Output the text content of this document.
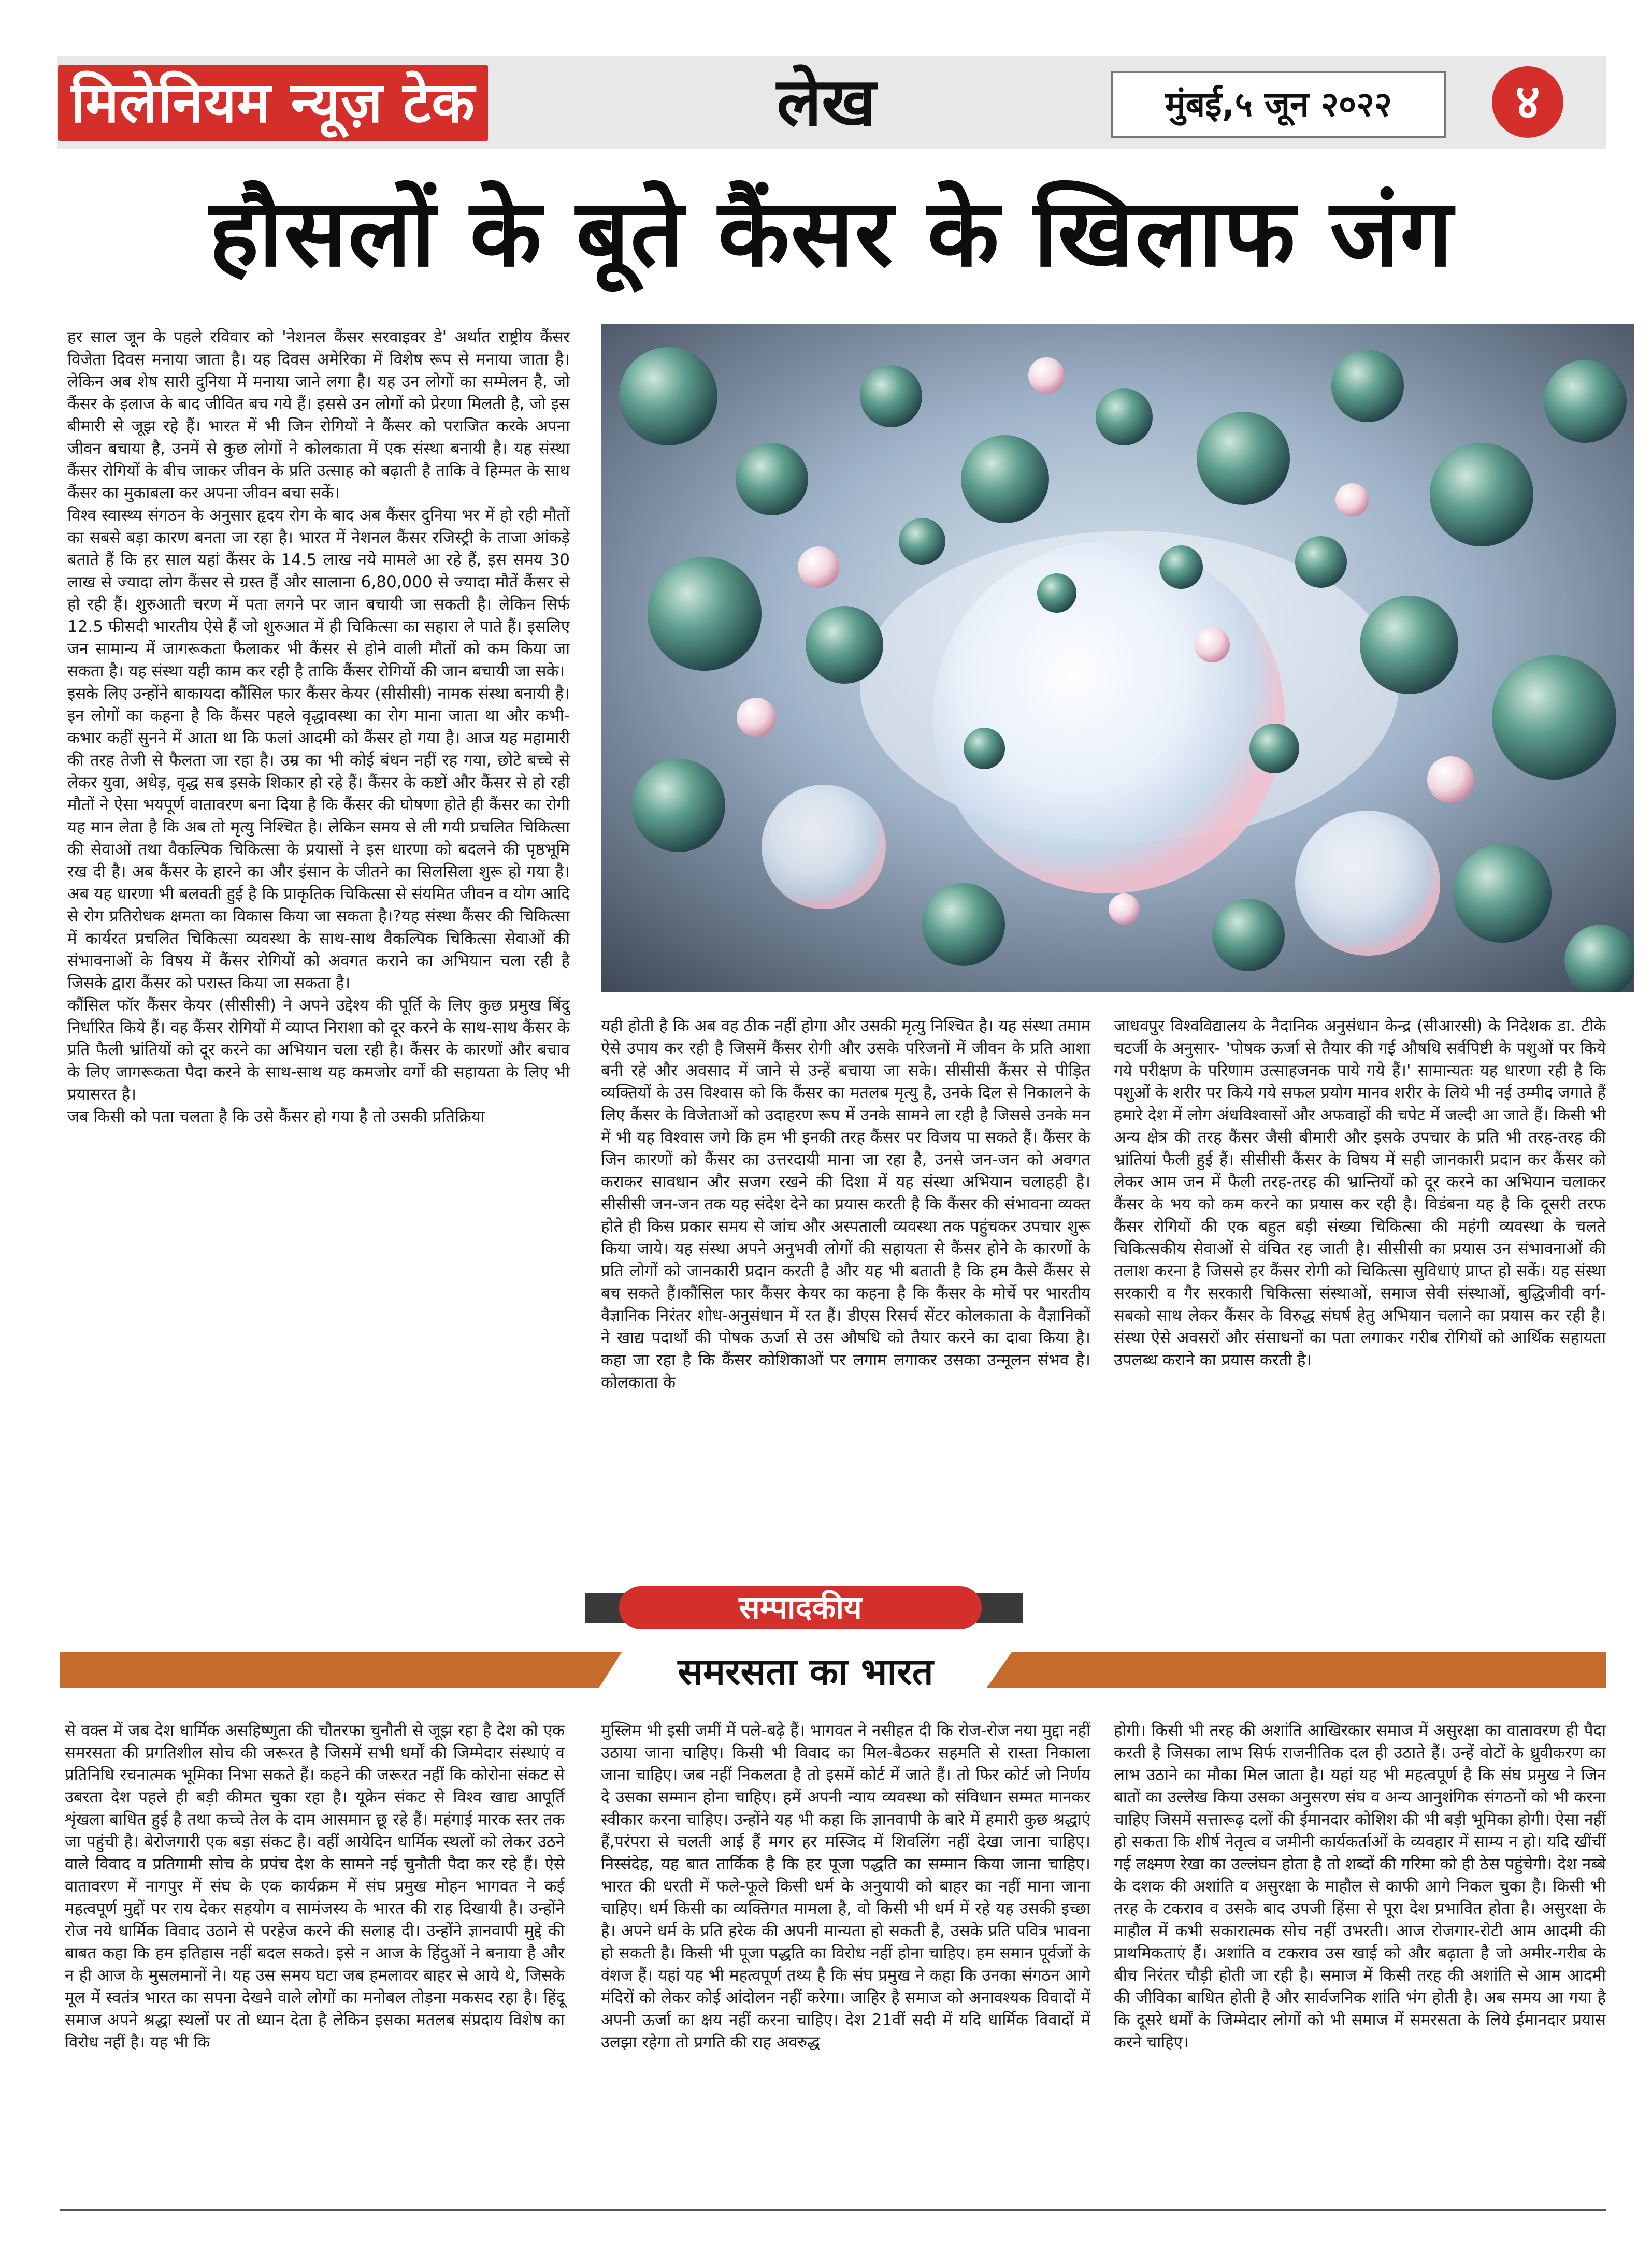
मिलेनियम न्यूज़ टेक	लेख	मुंबई,५ जून २०२२	४
हौसलों के बूते कैंसर के खिलाफ जंग

हर साल जून के पहले रविवार को 'नेशनल कैंसर सरवाइवर डे' अर्थात राष्ट्रीय कैंसर विजेता दिवस मनाया जाता है। यह दिवस अमेरिका में विशेष रूप से मनाया जाता है। लेकिन अब शेष सारी दुनिया में मनाया जाने लगा है। यह उन लोगों का सम्मेलन है, जो कैंसर के इलाज के बाद जीवित बच गये हैं। इससे उन लोगों को प्रेरणा मिलती है, जो इस बीमारी से जूझ रहे हैं। भारत में भी जिन रोगियों ने कैंसर को पराजित करके अपना जीवन बचाया है, उनमें से कुछ लोगों ने कोलकाता में एक संस्था बनायी है। यह संस्था कैंसर रोगियों के बीच जाकर जीवन के प्रति उत्साह को बढ़ाती है ताकि वे हिम्मत के साथ कैंसर का मुकाबला कर अपना जीवन बचा सकें।

विश्व स्वास्थ्य संगठन के अनुसार हृदय रोग के बाद अब कैंसर दुनिया भर में हो रही मौतों का सबसे बड़ा कारण बनता जा रहा है। भारत में नेशनल कैंसर रजिस्ट्री के ताजा आंकड़े बताते हैं कि हर साल यहां कैंसर के 14.5 लाख नये मामले आ रहे हैं, इस समय 30 लाख से ज्यादा लोग कैंसर से ग्रस्त हैं और सालाना 6,80,000 से ज्यादा मौतें कैंसर से हो रही हैं। शुरुआती चरण में पता लगने पर जान बचायी जा सकती है। लेकिन सिर्फ 12.5 फीसदी भारतीय ऐसे हैं जो शुरुआत में ही चिकित्सा का सहारा ले पाते हैं। इसलिए जन सामान्य में जागरूकता फैलाकर भी कैंसर से होने वाली मौतों को कम किया जा सकता है। यह संस्था यही काम कर रही है ताकि कैंसर रोगियों की जान बचायी जा सके।

इसके लिए उन्होंने बाकायदा कौंसिल फार कैंसर केयर (सीसीसी) नामक संस्था बनायी है। इन लोगों का कहना है कि कैंसर पहले वृद्धावस्था का रोग माना जाता था और कभी-कभार कहीं सुनने में आता था कि फलां आदमी को कैंसर हो गया है। आज यह महामारी की तरह तेजी से फैलता जा रहा है। उम्र का भी कोई बंधन नहीं रह गया, छोटे बच्चे से लेकर युवा, अधेड़, वृद्ध सब इसके शिकार हो रहे हैं। कैंसर के कष्टों और कैंसर से हो रही मौतों ने ऐसा भयपूर्ण वातावरण बना दिया है कि कैंसर की घोषणा होते ही कैंसर का रोगी यह मान लेता है कि अब तो मृत्यु निश्चित है। लेकिन समय से ली गयी प्रचलित चिकित्सा की सेवाओं तथा वैकल्पिक चिकित्सा के प्रयासों ने इस धारणा को बदलने की पृष्ठभूमि रख दी है। अब कैंसर के हारने का और इंसान के जीतने का सिलसिला शुरू हो गया है। अब यह धारणा भी बलवती हुई है कि प्राकृतिक चिकित्सा से संयमित जीवन व योग आदि से रोग प्रतिरोधक क्षमता का विकास किया जा सकता है।?यह संस्था कैंसर की चिकित्सा में कार्यरत प्रचलित चिकित्सा व्यवस्था के साथ-साथ वैकल्पिक चिकित्सा सेवाओं की संभावनाओं के विषय में कैंसर रोगियों को अवगत कराने का अभियान चला रही है जिसके द्वारा कैंसर को परास्त किया जा सकता है।

कौंसिल फॉर कैंसर केयर (सीसीसी) ने अपने उद्देश्य की पूर्ति के लिए कुछ प्रमुख बिंदु निर्धारित किये हैं। वह कैंसर रोगियों में व्याप्त निराशा को दूर करने के साथ-साथ कैंसर के प्रति फैली भ्रांतियों को दूर करने का अभियान चला रही है। कैंसर के कारणों और बचाव के लिए जागरूकता पैदा करने के साथ-साथ यह कमजोर वर्गों की सहायता के लिए भी प्रयासरत है।

जब किसी को पता चलता है कि उसे कैंसर हो गया है तो उसकी प्रतिक्रिया

यही होती है कि अब वह ठीक नहीं होगा और उसकी मृत्यु निश्चित है। यह संस्था तमाम ऐसे उपाय कर रही है जिसमें कैंसर रोगी और उसके परिजनों में जीवन के प्रति आशा बनी रहे और अवसाद में जाने से उन्हें बचाया जा सके। सीसीसी कैंसर से पीड़ित व्यक्तियों के उस विश्वास को कि कैंसर का मतलब मृत्यु है, उनके दिल से निकालने के लिए कैंसर के विजेताओं को उदाहरण रूप में उनके सामने ला रही है जिससे उनके मन में भी यह विश्वास जगे कि हम भी इनकी तरह कैंसर पर विजय पा सकते हैं। कैंसर के जिन कारणों को कैंसर का उत्तरदायी माना जा रहा है, उनसे जन-जन को अवगत कराकर सावधान और सजग रखने की दिशा में यह संस्था अभियान चलाहही है।सीसीसी जन-जन तक यह संदेश देने का प्रयास करती है कि कैंसर की संभावना व्यक्त होते ही किस प्रकार समय से जांच और अस्पताली व्यवस्था तक पहुंचकर उपचार शुरू किया जाये। यह संस्था अपने अनुभवी लोगों की सहायता से कैंसर होने के कारणों के प्रति लोगों को जानकारी प्रदान करती है और यह भी बताती है कि हम कैसे कैंसर से बच सकते हैं।कौंसिल फार कैंसर केयर का कहना है कि कैंसर के मोर्चे पर भारतीय वैज्ञानिक निरंतर शोध-अनुसंधान में रत हैं। डीएस रिसर्च सेंटर कोलकाता के वैज्ञानिकों ने खाद्य पदार्थों की पोषक ऊर्जा से उस औषधि को तैयार करने का दावा किया है। कहा जा रहा है कि कैंसर कोशिकाओं पर लगाम लगाकर उसका उन्मूलन संभव है। कोलकाता के

जाधवपुर विश्वविद्यालय के नैदानिक अनुसंधान केन्द्र (सीआरसी) के निदेशक डा. टीके चटर्जी के अनुसार- 'पोषक ऊर्जा से तैयार की गई औषधि सर्वपिष्टी के पशुओं पर किये गये परीक्षण के परिणाम उत्साहजनक पाये गये हैं।' सामान्यतः यह धारणा रही है कि पशुओं के शरीर पर किये गये सफल प्रयोग मानव शरीर के लिये भी नई उम्मीद जगाते हैं हमारे देश में लोग अंधविश्वासों और अफवाहों की चपेट में जल्दी आ जाते हैं। किसी भी अन्य क्षेत्र की तरह कैंसर जैसी बीमारी और इसके उपचार के प्रति भी तरह-तरह की भ्रांतियां फैली हुई हैं। सीसीसी कैंसर के विषय में सही जानकारी प्रदान कर कैंसर को लेकर आम जन में फैली तरह-तरह की भ्रान्तियों को दूर करने का अभियान चलाकर कैंसर के भय को कम करने का प्रयास कर रही है। विडंबना यह है कि दूसरी तरफ कैंसर रोगियों की एक बहुत बड़ी संख्या चिकित्सा की महंगी व्यवस्था के चलते चिकित्सकीय सेवाओं से वंचित रह जाती है। सीसीसी का प्रयास उन संभावनाओं की तलाश करना है जिससे हर कैंसर रोगी को चिकित्सा सुविधाएं प्राप्त हो सकें। यह संस्था सरकारी व गैर सरकारी चिकित्सा संस्थाओं, समाज सेवी संस्थाओं, बुद्धिजीवी वर्ग- सबको साथ लेकर कैंसर के विरुद्ध संघर्ष हेतु अभियान चलाने का प्रयास कर रही है। संस्था ऐसे अवसरों और संसाधनों का पता लगाकर गरीब रोगियों को आर्थिक सहायता उपलब्ध कराने का प्रयास करती है।

सम्पादकीय
समरसता का भारत

से वक्त में जब देश धार्मिक असहिष्णुता की चौतरफा चुनौती से जूझ रहा है देश को एक समरसता की प्रगतिशील सोच की जरूरत है जिसमें सभी धर्मों की जिम्मेदार संस्थाएं व प्रतिनिधि रचनात्मक भूमिका निभा सकते हैं। कहने की जरूरत नहीं कि कोरोना संकट से उबरता देश पहले ही बड़ी कीमत चुका रहा है। यूक्रेन संकट से विश्व खाद्य आपूर्ति शृंखला बाधित हुई है तथा कच्चे तेल के दाम आसमान छू रहे हैं। महंगाई मारक स्तर तक जा पहुंची है। बेरोजगारी एक बड़ा संकट है। वहीं आयेदिन धार्मिक स्थलों को लेकर उठने वाले विवाद व प्रतिगामी सोच के प्रपंच देश के सामने नई चुनौती पैदा कर रहे हैं। ऐसे वातावरण में नागपुर में संघ के एक कार्यक्रम में संघ प्रमुख मोहन भागवत ने कई महत्वपूर्ण मुद्दों पर राय देकर सहयोग व सामंजस्य के भारत की राह दिखायी है। उन्होंने रोज नये धार्मिक विवाद उठाने से परहेज करने की सलाह दी। उन्होंने ज्ञानवापी मुद्दे की बाबत कहा कि हम इतिहास नहीं बदल सकते। इसे न आज के हिंदुओं ने बनाया है और न ही आज के मुसलमानों ने। यह उस समय घटा जब हमलावर बाहर से आये थे, जिसके मूल में स्वतंत्र भारत का सपना देखने वाले लोगों का मनोबल तोड़ना मकसद रहा है। हिंदू समाज अपने श्रद्धा स्थलों पर तो ध्यान देता है लेकिन इसका मतलब संप्रदाय विशेष का विरोध नहीं है। यह भी कि

मुस्लिम भी इसी जमीं में पले-बढ़े हैं। भागवत ने नसीहत दी कि रोज-रोज नया मुद्दा नहीं उठाया जाना चाहिए। किसी भी विवाद का मिल-बैठकर सहमति से रास्ता निकाला जाना चाहिए। जब नहीं निकलता है तो इसमें कोर्ट में जाते हैं। तो फिर कोर्ट जो निर्णय दे उसका सम्मान होना चाहिए। हमें अपनी न्याय व्यवस्था को संविधान सम्मत मानकर स्वीकार करना चाहिए। उन्होंने यह भी कहा कि ज्ञानवापी के बारे में हमारी कुछ श्रद्धाएं हैं,परंपरा से चलती आई हैं मगर हर मस्जिद में शिवलिंग नहीं देखा जाना चाहिए।निस्संदेह, यह बात तार्किक है कि हर पूजा पद्धति का सम्मान किया जाना चाहिए। भारत की धरती में फले-फूले किसी धर्म के अनुयायी को बाहर का नहीं माना जाना चाहिए। धर्म किसी का व्यक्तिगत मामला है, वो किसी भी धर्म में रहे यह उसकी इच्छा है। अपने धर्म के प्रति हरेक की अपनी मान्यता हो सकती है, उसके प्रति पवित्र भावना हो सकती है। किसी भी पूजा पद्धति का विरोध नहीं होना चाहिए। हम समान पूर्वजों के वंशज हैं। यहां यह भी महत्वपूर्ण तथ्य है कि संघ प्रमुख ने कहा कि उनका संगठन आगे मंदिरों को लेकर कोई आंदोलन नहीं करेगा। जाहिर है समाज को अनावश्यक विवादों में अपनी ऊर्जा का क्षय नहीं करना चाहिए। देश 21वीं सदी में यदि धार्मिक विवादों में उलझा रहेगा तो प्रगति की राह अवरुद्ध

होगी। किसी भी तरह की अशांति आखिरकार समाज में असुरक्षा का वातावरण ही पैदा करती है जिसका लाभ सिर्फ राजनीतिक दल ही उठाते हैं। उन्हें वोटों के ध्रुवीकरण का लाभ उठाने का मौका मिल जाता है। यहां यह भी महत्वपूर्ण है कि संघ प्रमुख ने जिन बातों का उल्लेख किया उसका अनुसरण संघ व अन्य आनुशंगिक संगठनों को भी करना चाहिए जिसमें सत्तारूढ़ दलों की ईमानदार कोशिश की भी बड़ी भूमिका होगी। ऐसा नहीं हो सकता कि शीर्ष नेतृत्व व जमीनी कार्यकर्ताओं के व्यवहार में साम्य न हो। यदि खींचीं गई लक्ष्मण रेखा का उल्लंघन होता है तो शब्दों की गरिमा को ही ठेस पहुंचेगी। देश नब्बे के दशक की अशांति व असुरक्षा के माहौल से काफी आगे निकल चुका है। किसी भी तरह के टकराव व उसके बाद उपजी हिंसा से पूरा देश प्रभावित होता है। असुरक्षा के माहौल में कभी सकारात्मक सोच नहीं उभरती। आज रोजगार-रोटी आम आदमी की प्राथमिकताएं हैं। अशांति व टकराव उस खाई को और बढ़ाता है जो अमीर-गरीब के बीच निरंतर चौड़ी होती जा रही है। समाज में किसी तरह की अशांति से आम आदमी की जीविका बाधित होती है और सार्वजनिक शांति भंग होती है। अब समय आ गया है कि दूसरे धर्मों के जिम्मेदार लोगों को भी समाज में समरसता के लिये ईमानदार प्रयास करने चाहिए।
